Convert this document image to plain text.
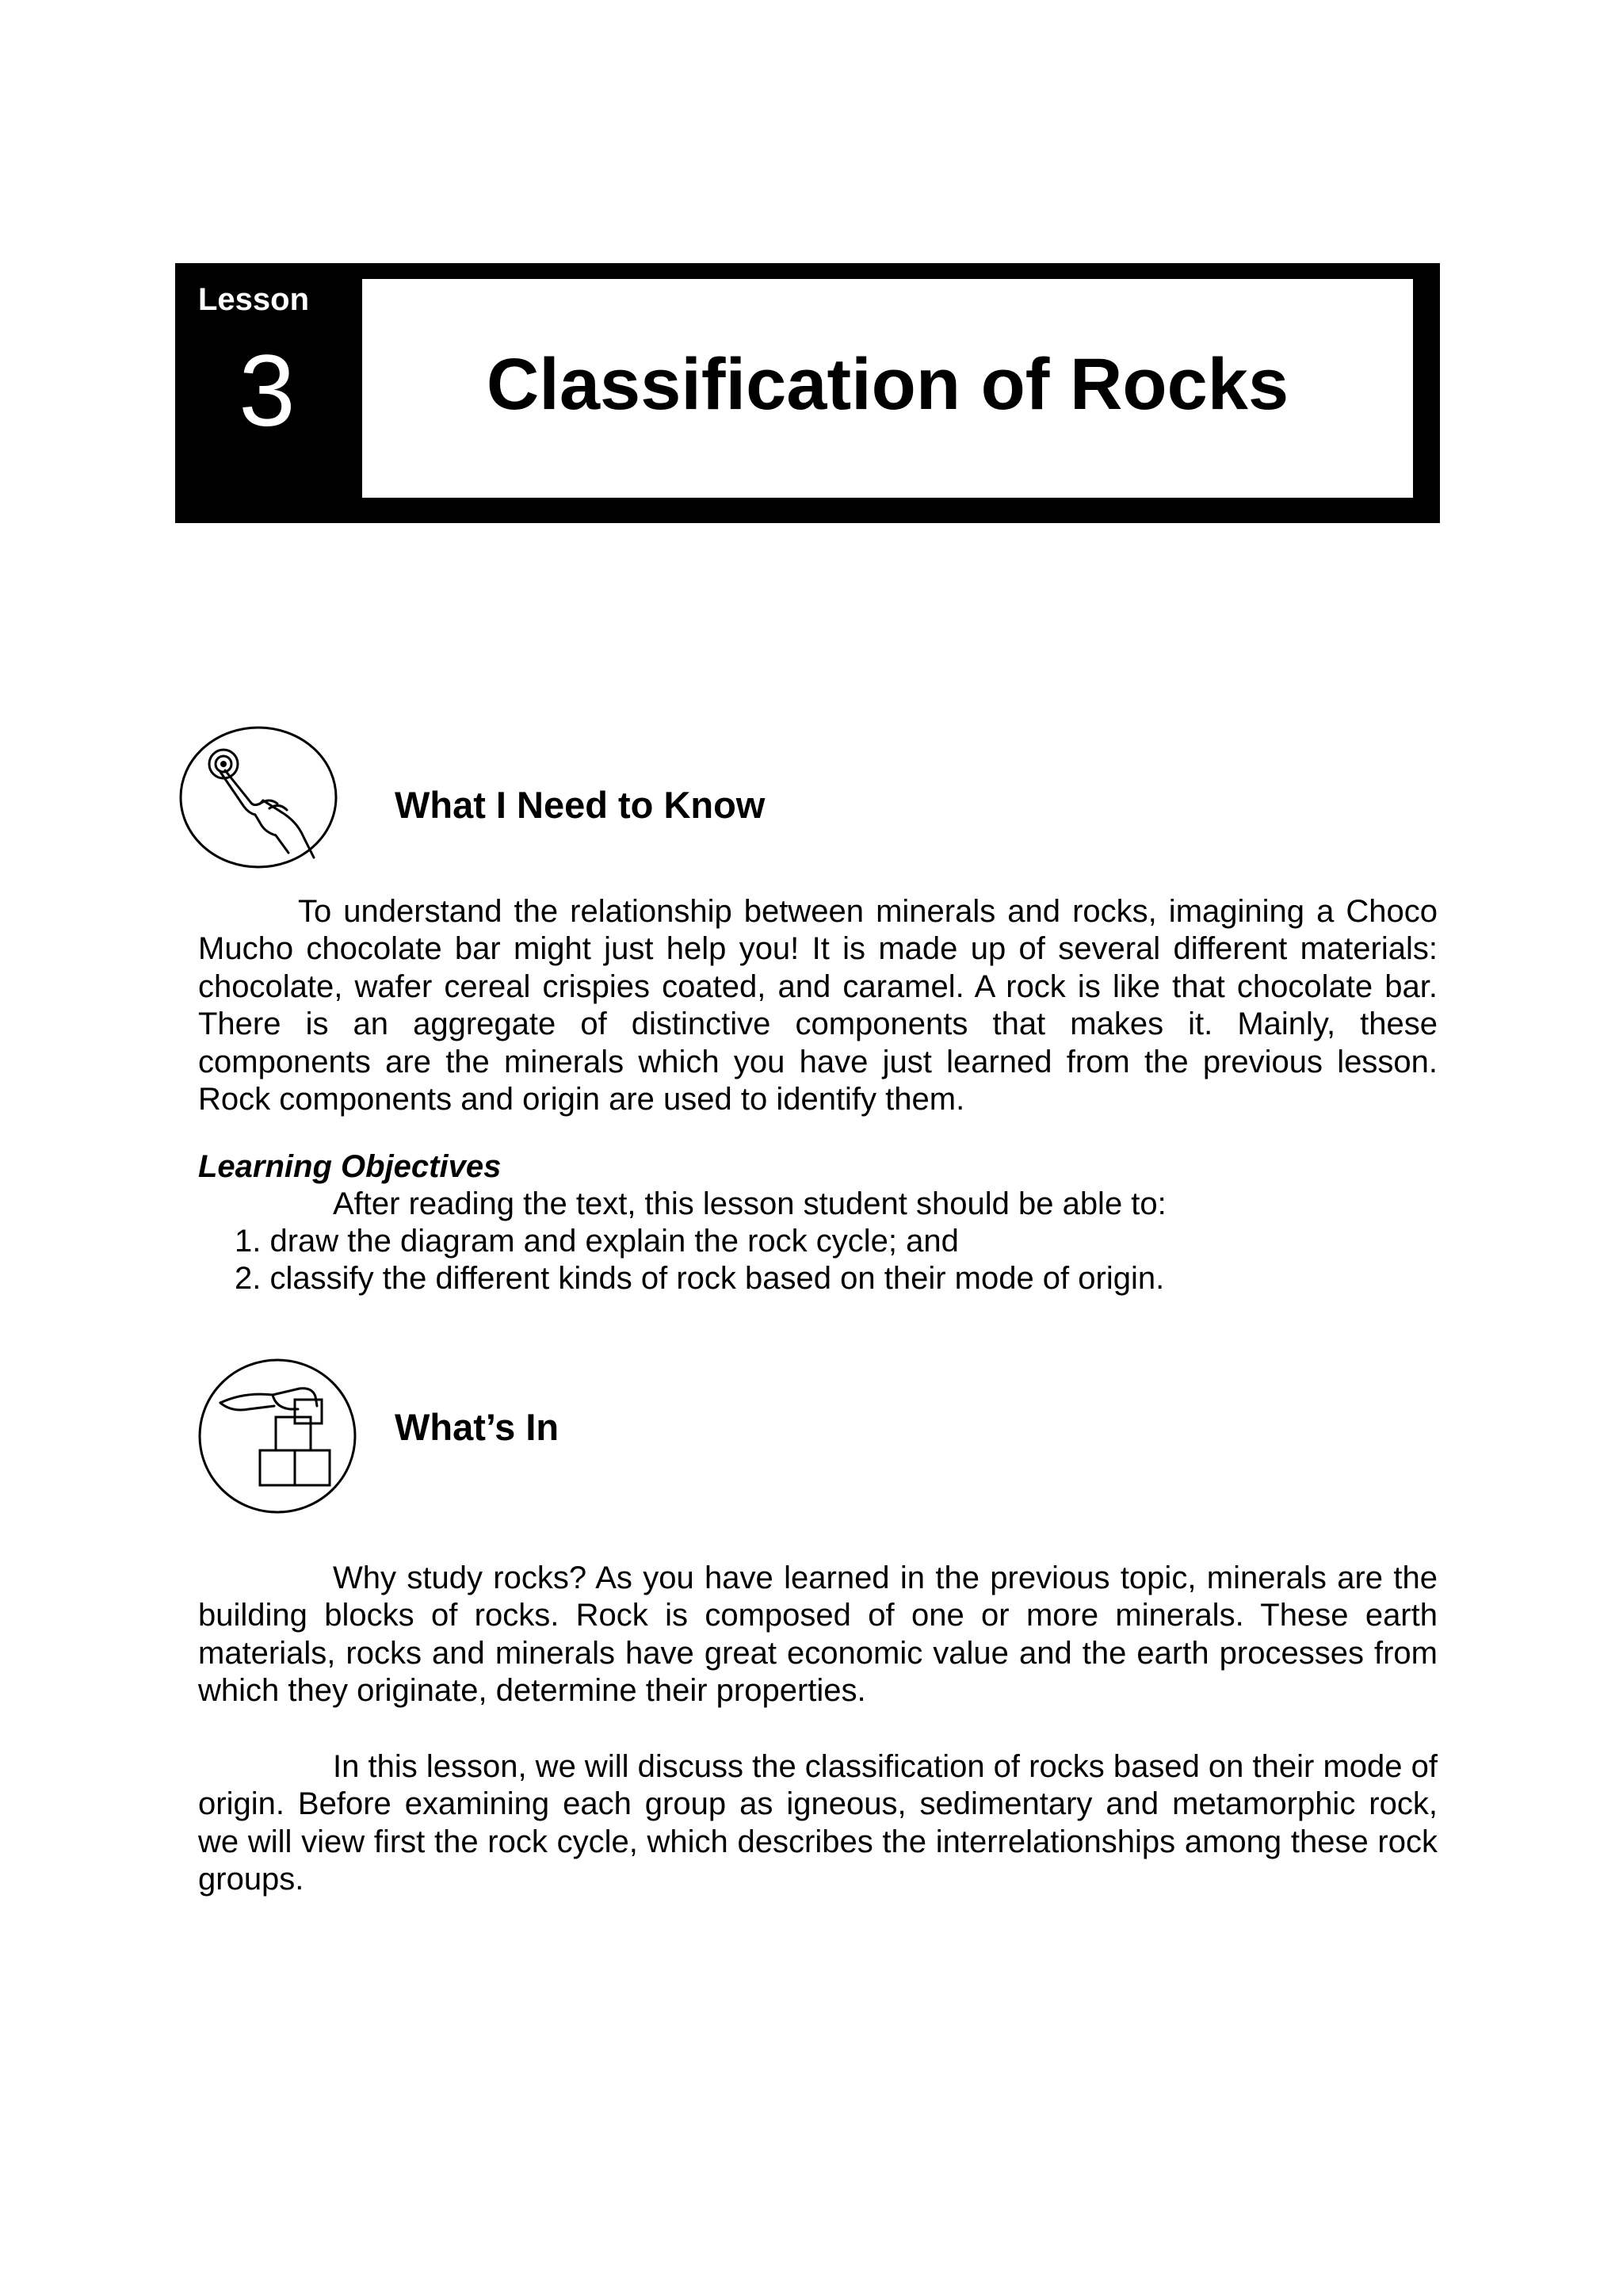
Lesson
3	Classification of Rocks
What I Need to Know

To understand the relationship between minerals and rocks, imagining a Choco Mucho chocolate bar might just help you! It is made up of several different materials: chocolate, wafer cereal crispies coated, and caramel. A rock is like that chocolate bar. There is an aggregate of distinctive components that makes it. Mainly, these components are the minerals which you have just learned from the previous lesson. Rock components and origin are used to identify them.

Learning Objectives
After reading the text, this lesson student should be able to:
1. draw the diagram and explain the rock cycle; and
2. classify the different kinds of rock based on their mode of origin.
What’s In

Why study rocks? As you have learned in the previous topic, minerals are the building blocks of rocks. Rock is composed of one or more minerals. These earth materials, rocks and minerals have great economic value and the earth processes from which they originate, determine their properties.

In this lesson, we will discuss the classification of rocks based on their mode of origin. Before examining each group as igneous, sedimentary and metamorphic rock, we will view first the rock cycle, which describes the interrelationships among these rock groups.
